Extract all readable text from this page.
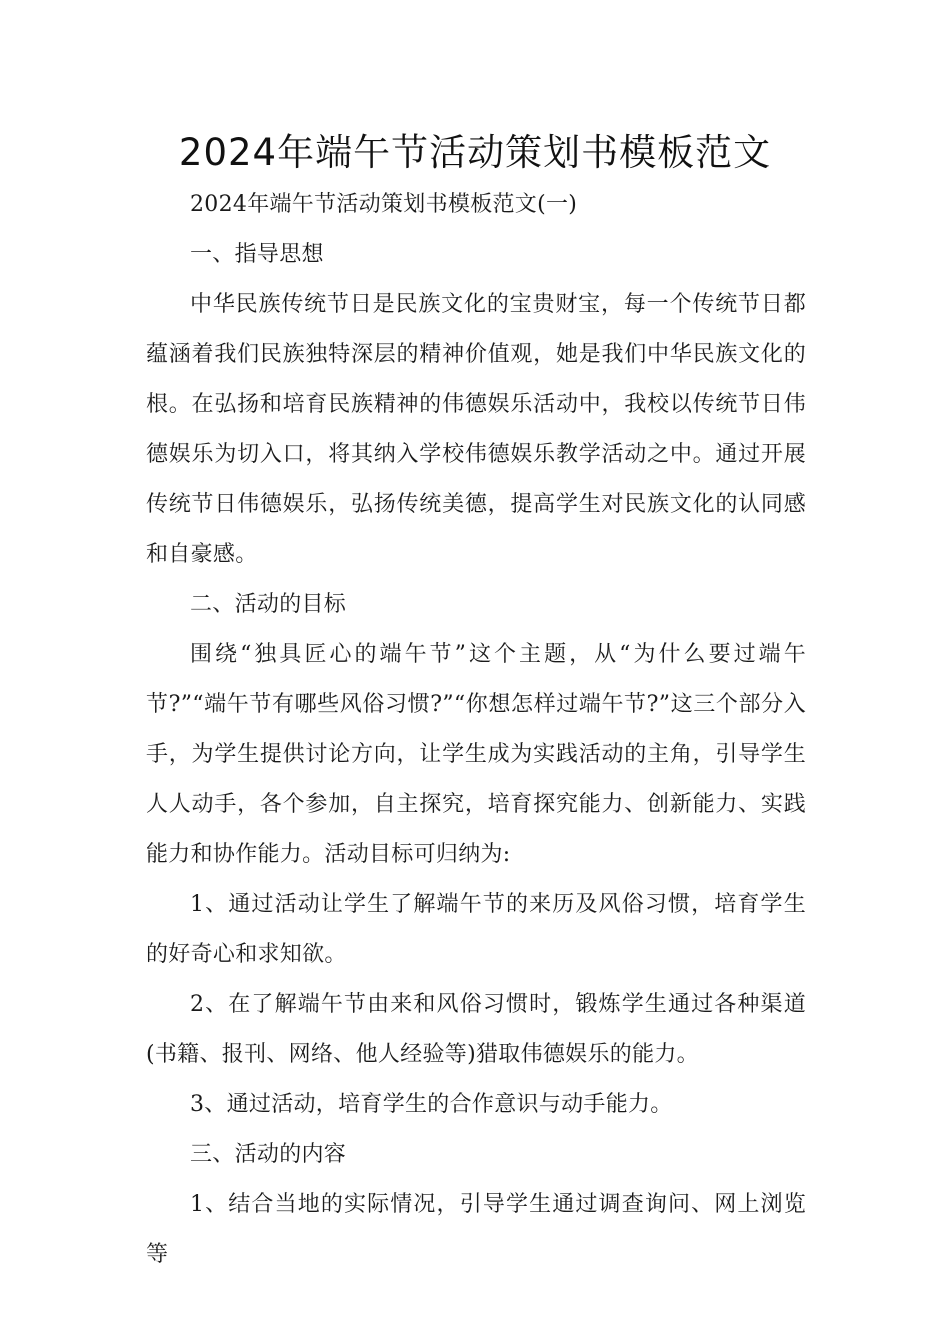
2024年端午节活动策划书模板范文

2024年端午节活动策划书模板范文(一)

一、指导思想

中华民族传统节日是民族文化的宝贵财宝，每一个传统节日都蕴涵着我们民族独特深层的精神价值观，她是我们中华民族文化的根。在弘扬和培育民族精神的伟德娱乐活动中，我校以传统节日伟德娱乐为切入口，将其纳入学校伟德娱乐教学活动之中。通过开展传统节日伟德娱乐，弘扬传统美德，提高学生对民族文化的认同感和自豪感。

二、活动的目标

围绕“独具匠心的端午节”这个主题，从“为什么要过端午节?”“端午节有哪些风俗习惯?”“你想怎样过端午节?”这三个部分入手，为学生提供讨论方向，让学生成为实践活动的主角，引导学生人人动手，各个参加，自主探究，培育探究能力、创新能力、实践能力和协作能力。活动目标可归纳为:

1、通过活动让学生了解端午节的来历及风俗习惯，培育学生的好奇心和求知欲。

2、在了解端午节由来和风俗习惯时，锻炼学生通过各种渠道(书籍、报刊、网络、他人经验等)猎取伟德娱乐的能力。

3、通过活动，培育学生的合作意识与动手能力。

三、活动的内容

1、结合当地的实际情况，引导学生通过调查询问、网上浏览等
